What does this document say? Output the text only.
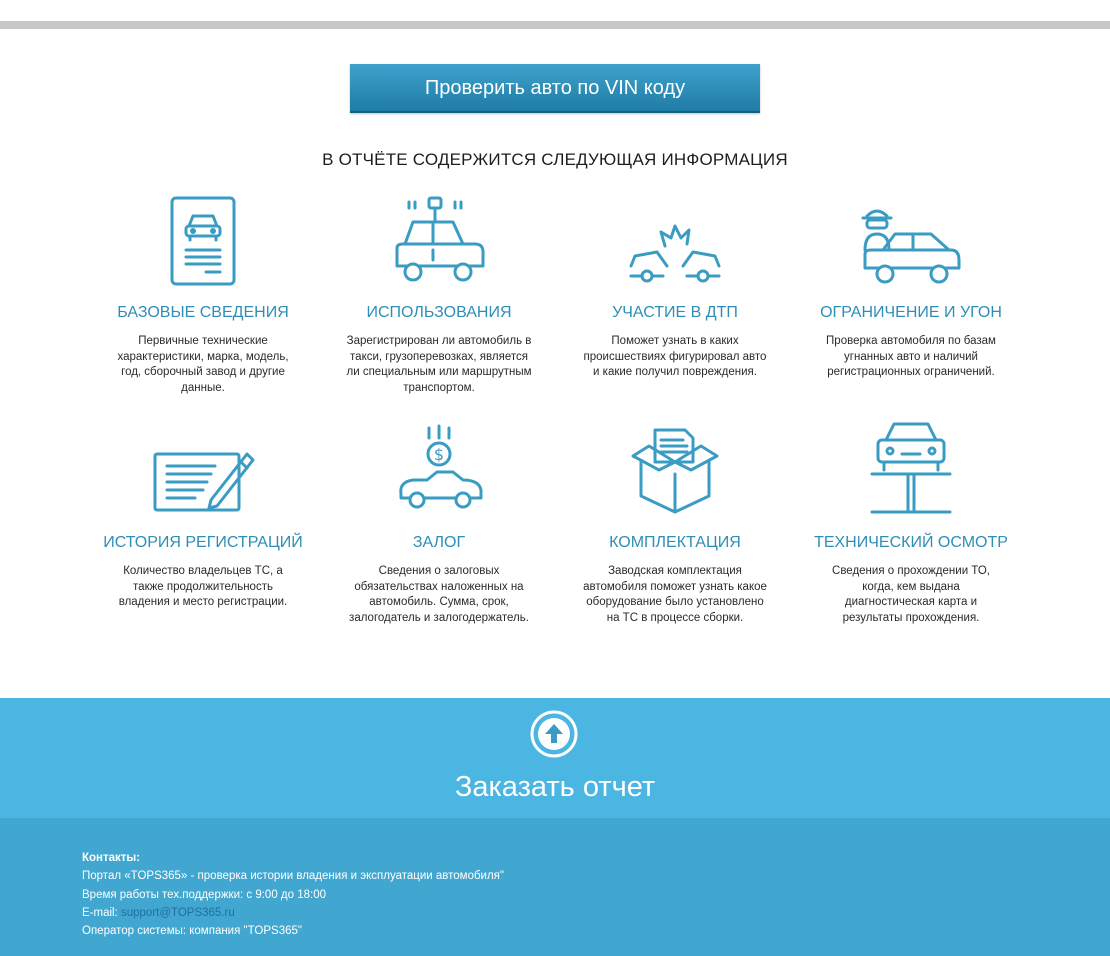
Проверить авто по VIN коду
В ОТЧЁТЕ СОДЕРЖИТСЯ СЛЕДУЮЩАЯ ИНФОРМАЦИЯ
БАЗОВЫЕ СВЕДЕНИЯ
Первичные технические характеристики, марка, модель, год, сборочный завод и другие данные.
ИСПОЛЬЗОВАНИЯ
Зарегистрирован ли автомобиль в такси, грузоперевозках, является ли специальным или маршрутным транспортом.
УЧАСТИЕ В ДТП
Поможет узнать в каких происшествиях фигурировал авто и какие получил повреждения.
ОГРАНИЧЕНИЕ И УГОН
Проверка автомобиля по базам угнанных авто и наличий регистрационных ограничений.
ИСТОРИЯ РЕГИСТРАЦИЙ
Количество владельцев ТС, а также продолжительность владения и место регистрации.
$
ЗАЛОГ
Сведения о залоговых обязательствах наложенных на автомобиль. Сумма, срок, залогодатель и залогодержатель.
КОМПЛЕКТАЦИЯ
Заводская комплектация автомобиля поможет узнать какое оборудование было установлено на ТС в процессе сборки.
ТЕХНИЧЕСКИЙ ОСМОТР
Сведения о прохождении ТО, когда, кем выдана диагностическая карта и результаты прохождения.
Заказать отчет
Контакты:
Портал «TOPS365» - проверка истории владения и эксплуатации автомобиля"
Время работы тех.поддержки: с 9:00 до 18:00
E-mail: support@TOPS365.ru
Оператор системы: компания "TOPS365"
